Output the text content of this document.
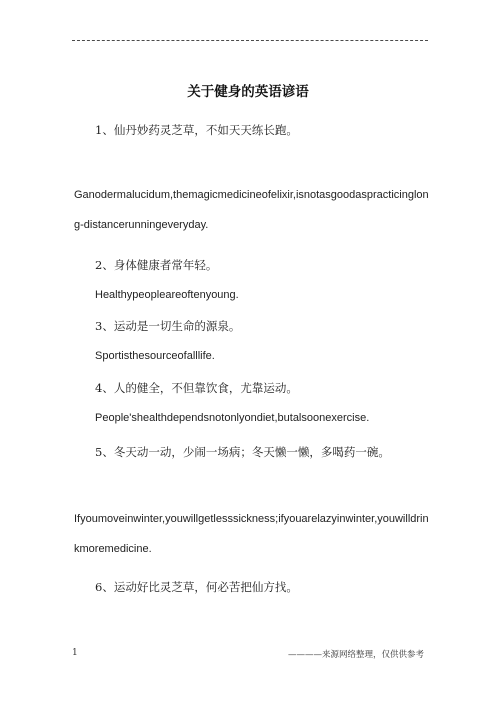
关于健身的英语谚语
1、仙丹妙药灵芝草，不如天天练长跑。
Ganodermalucidum,themagicmedicineofelixir,isnotasgoodaspracticinglong-distancerunningeveryday.
2、身体健康者常年轻。
Healthypeopleareoftenyoung.
3、运动是一切生命的源泉。
Sportisthesourceofalllife.
4、人的健全，不但靠饮食，尤靠运动。
People'shealthdependsnotonlyondiet,butalsoonexercise.
5、冬天动一动，少闹一场病；冬天懒一懒，多喝药一碗。
Ifyoumoveinwinter,youwillgetlesssickness;ifyouarelazyinwinter,youwilldrinkmoremedicine.
6、运动好比灵芝草，何必苦把仙方找。
1	————来源网络整理，仅供供参考
